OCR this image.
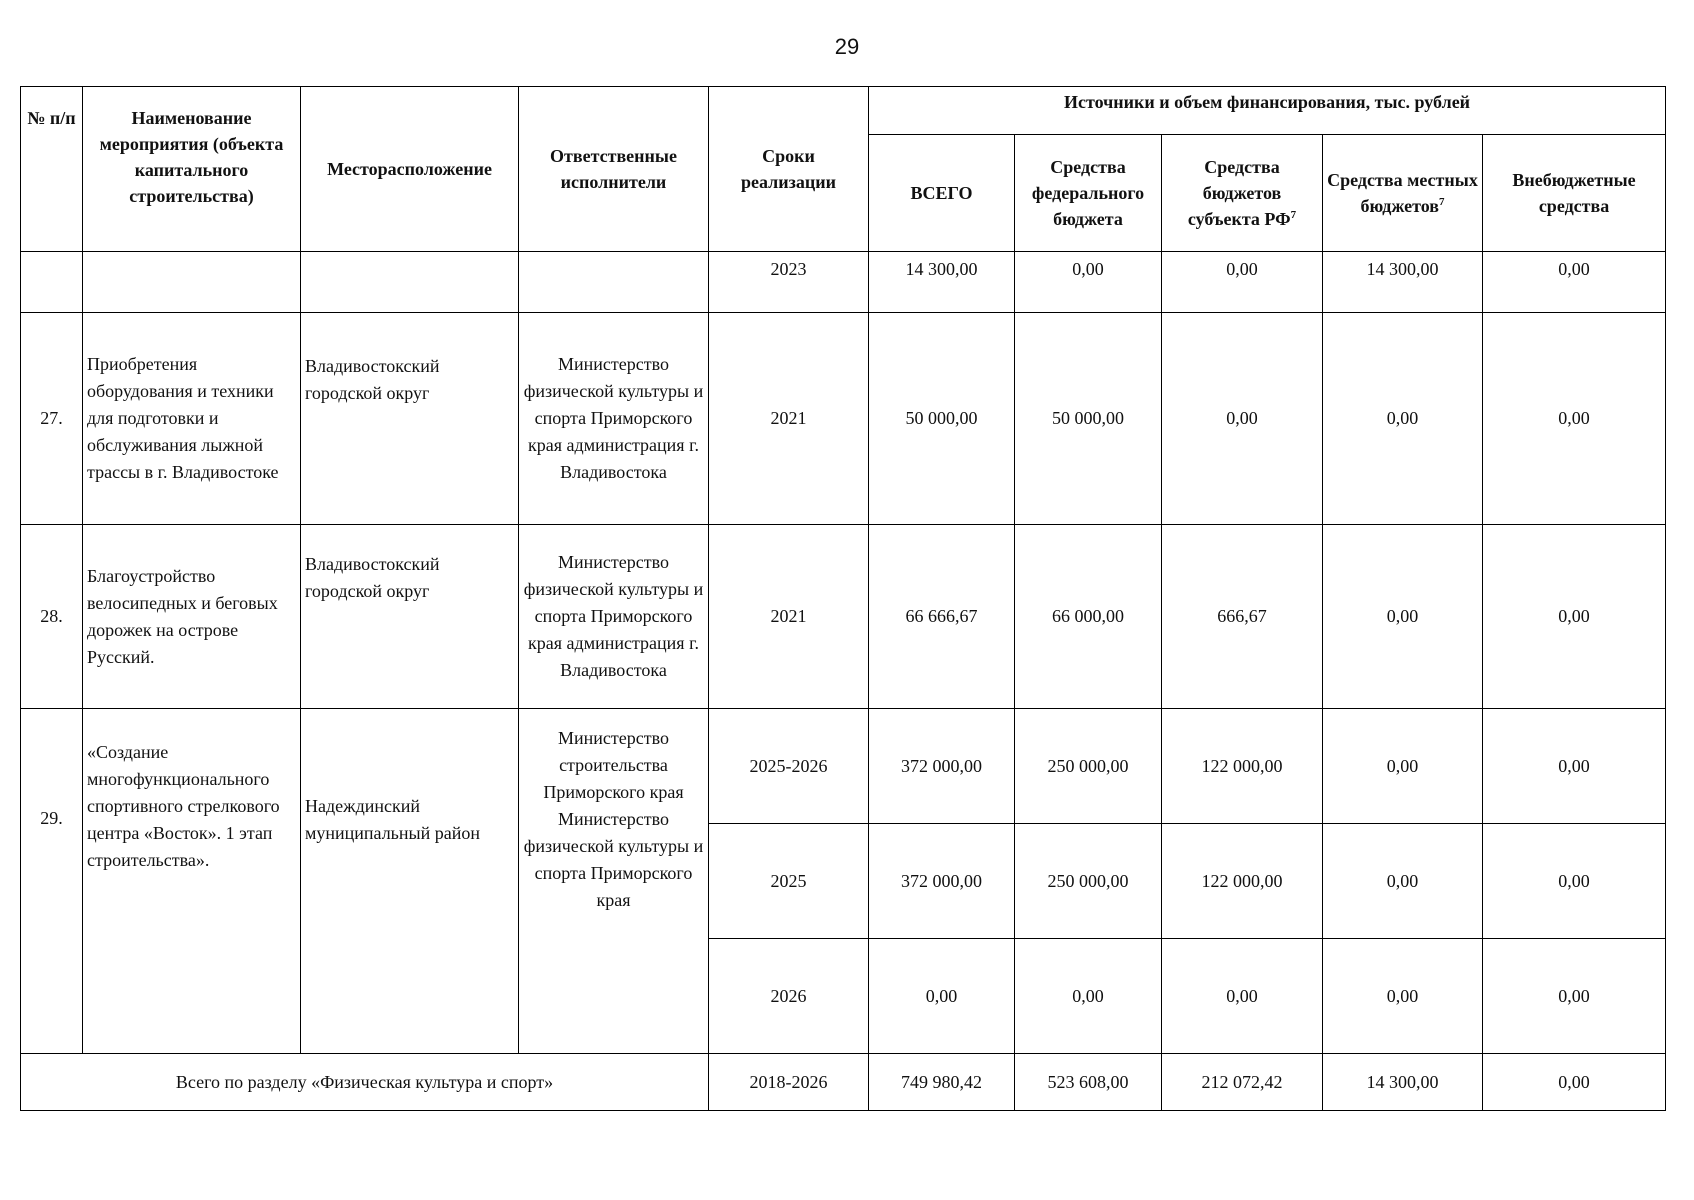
29
№ п/п	Наименование мероприятия (объекта капитального строительства)	Месторасположение	Ответственные исполнители	Сроки реализации	Источники и объем финансирования, тыс. рублей				
					ВСЕГО	Средства федерального бюджета	Средства бюджетов субъекта $РФ^7$	Средства местных бюджетов$^7$	Внебюджетные средства
				2023	14 300,00	0,00	0,00	14 300,00	0,00
27.	Приобретения оборудования и техники для подготовки и обслуживания лыжной трассы в г. Владивостоке	Владивостокский городской округ	Министерство физической культуры и спорта Приморского края администрация г. Владивостока	2021	50 000,00	50 000,00	0,00	0,00	0,00
28.	Благоустройство велосипедных и беговых дорожек на острове Русский.	Владивостокский городской округ	Министерство физической культуры и спорта Приморского края администрация г. Владивостока	2021	66 666,67	66 000,00	666,67	0,00	0,00
29.	«Создание многофункционального спортивного стрелкового центра «Восток». 1 этап строительства».	Надеждинский муниципальный район	Министерство строительства Приморского края Министерство физической культуры и спорта Приморского края	2025-2026	372 000,00	250 000,00	122 000,00	0,00	0,00
				2025	372 000,00	250 000,00	122 000,00	0,00	0,00
				2026	0,00	0,00	0,00	0,00	0,00
Всего по разделу «Физическая культура и спорт»				2018-2026	749 980,42	523 608,00	212 072,42	14 300,00	0,00
